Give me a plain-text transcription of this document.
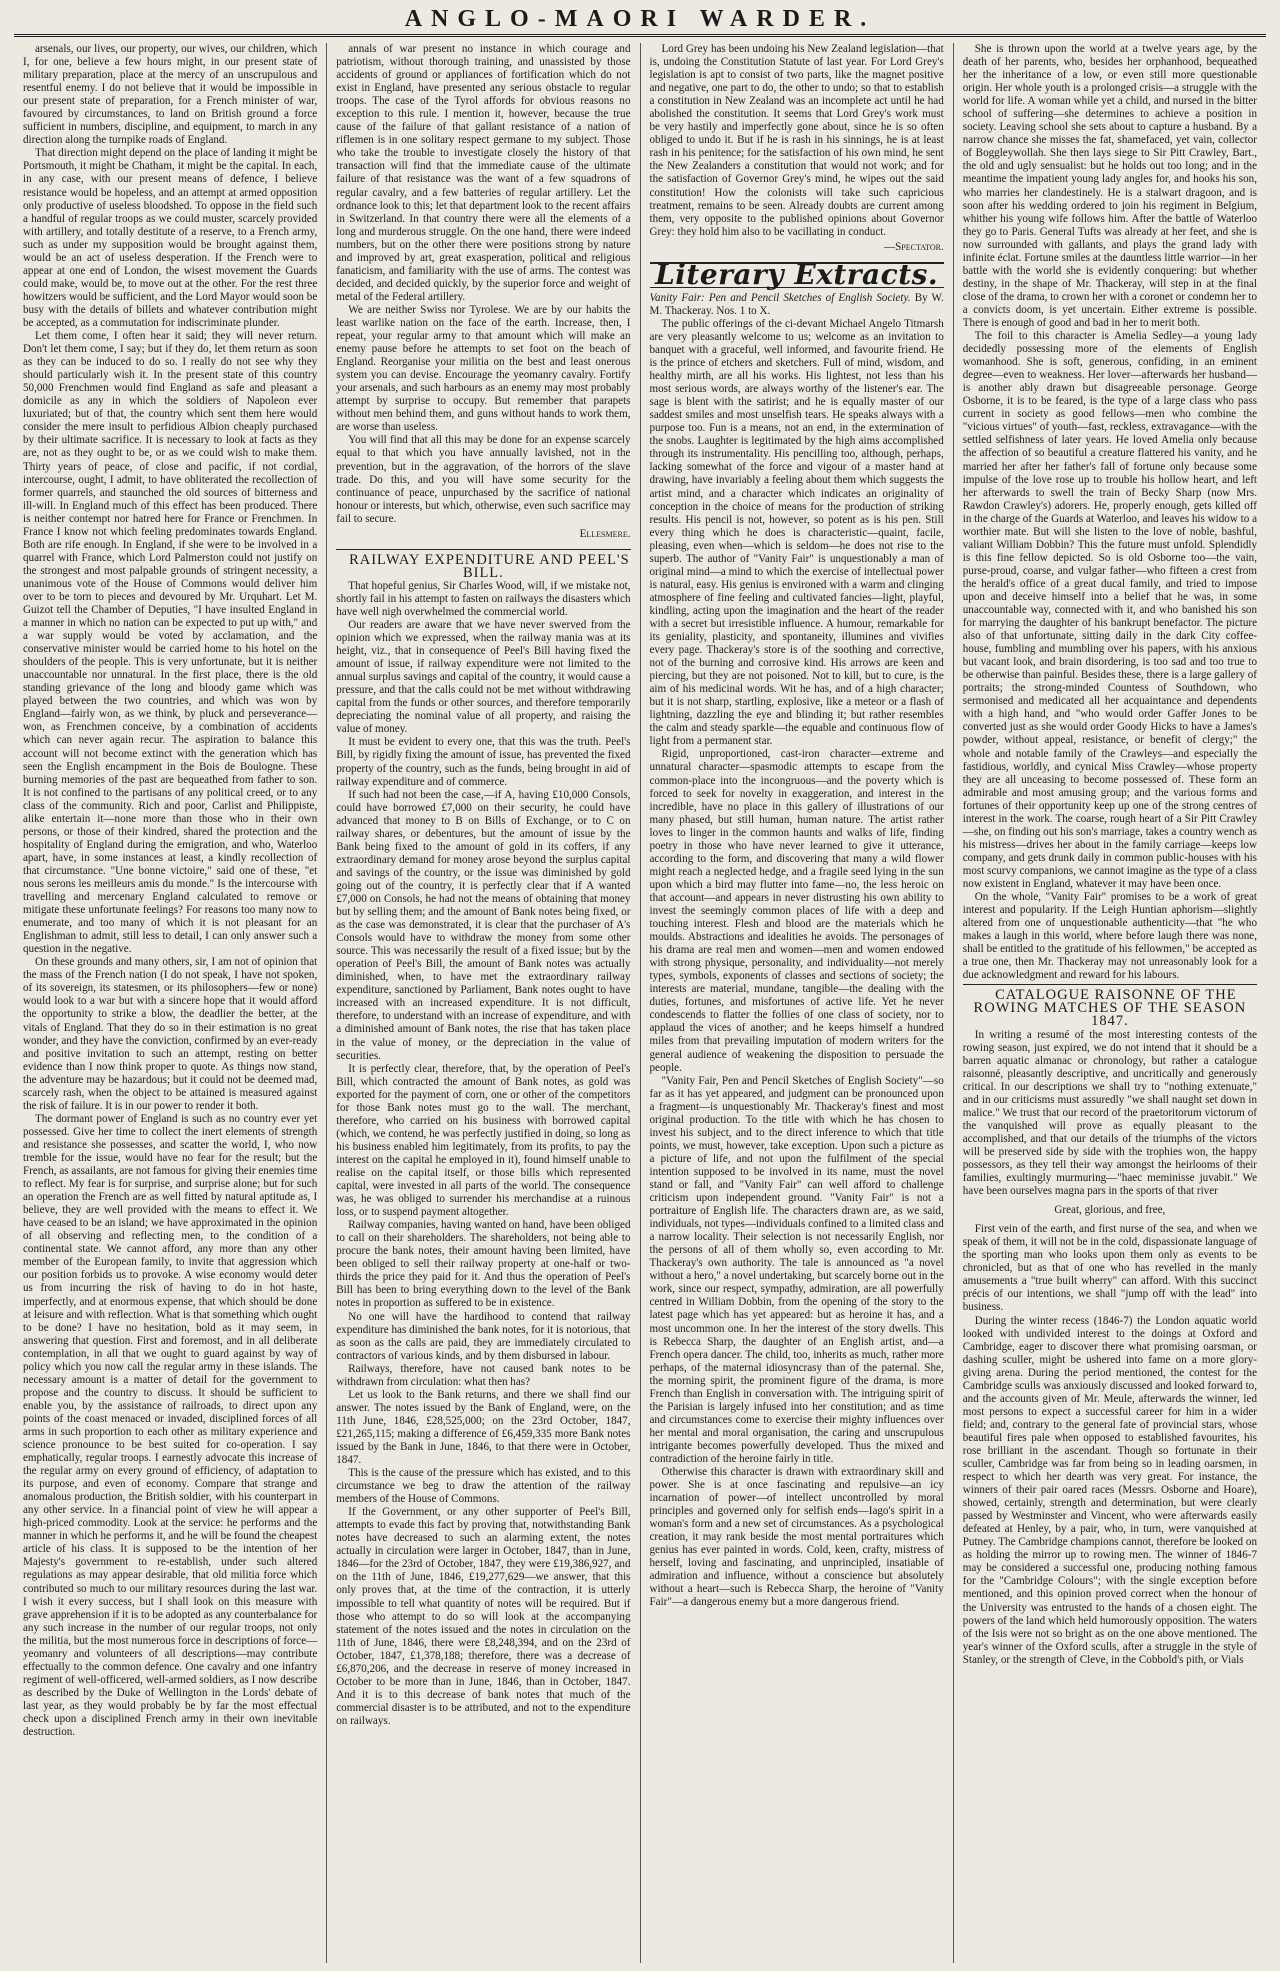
ANGLO-MAORI WARDER.

arsenals, our lives, our property, our wives, our children, which I, for one, believe a few hours might, in our present state of military preparation, place at the mercy of an unscrupulous and resentful enemy. I do not believe that it would be impossible in our present state of preparation, for a French minister of war, favoured by circumstances, to land on British ground a force sufficient in numbers, discipline, and equipment, to march in any direction along the turnpike roads of England.

That direction might depend on the place of landing it might be Portsmouth, it might be Chatham, it might be the capital. In each, in any case, with our present means of defence, I believe resistance would be hopeless, and an attempt at armed opposition only productive of useless bloodshed. To oppose in the field such a handful of regular troops as we could muster, scarcely provided with artillery, and totally destitute of a reserve, to a French army, such as under my supposition would be brought against them, would be an act of useless desperation. If the French were to appear at one end of London, the wisest movement the Guards could make, would be, to move out at the other. For the rest three howitzers would be sufficient, and the Lord Mayor would soon be busy with the details of billets and whatever contribution might be accepted, as a commutation for indiscriminate plunder.

Let them come, I often hear it said; they will never return. Don't let them come, I say; but if they do, let them return as soon as they can be induced to do so. I really do not see why they should particularly wish it. In the present state of this country 50,000 Frenchmen would find England as safe and pleasant a domicile as any in which the soldiers of Napoleon ever luxuriated; but of that, the country which sent them here would consider the mere insult to perfidious Albion cheaply purchased by their ultimate sacrifice. It is necessary to look at facts as they are, not as they ought to be, or as we could wish to make them. Thirty years of peace, of close and pacific, if not cordial, intercourse, ought, I admit, to have obliterated the recollection of former quarrels, and staunched the old sources of bitterness and ill-will. In England much of this effect has been produced. There is neither contempt nor hatred here for France or Frenchmen. In France I know not which feeling predominates towards England. Both are rife enough. In England, if she were to be involved in a quarrel with France, which Lord Palmerston could not justify on the strongest and most palpable grounds of stringent necessity, a unanimous vote of the House of Commons would deliver him over to be torn to pieces and devoured by Mr. Urquhart. Let M. Guizot tell the Chamber of Deputies, "I have insulted England in a manner in which no nation can be expected to put up with," and a war supply would be voted by acclamation, and the conservative minister would be carried home to his hotel on the shoulders of the people. This is very unfortunate, but it is neither unaccountable nor unnatural. In the first place, there is the old standing grievance of the long and bloody game which was played between the two countries, and which was won by England—fairly won, as we think, by pluck and perseverance—won, as Frenchmen conceive, by a combination of accidents which can never again recur. The aspiration to balance this account will not become extinct with the generation which has seen the English encampment in the Bois de Boulogne. These burning memories of the past are bequeathed from father to son. It is not confined to the partisans of any political creed, or to any class of the community. Rich and poor, Carlist and Philippiste, alike entertain it—none more than those who in their own persons, or those of their kindred, shared the protection and the hospitality of England during the emigration, and who, Waterloo apart, have, in some instances at least, a kindly recollection of that circumstance. "Une bonne victoire," said one of these, "et nous serons les meilleurs amis du monde." Is the intercourse with travelling and mercenary England calculated to remove or mitigate these unfortunate feelings? For reasons too many now to enumerate, and too many of which it is not pleasant for an Englishman to admit, still less to detail, I can only answer such a question in the negative.

On these grounds and many others, sir, I am not of opinion that the mass of the French nation (I do not speak, I have not spoken, of its sovereign, its statesmen, or its philosophers—few or none) would look to a war but with a sincere hope that it would afford the opportunity to strike a blow, the deadlier the better, at the vitals of England. That they do so in their estimation is no great wonder, and they have the conviction, confirmed by an ever-ready and positive invitation to such an attempt, resting on better evidence than I now think proper to quote. As things now stand, the adventure may be hazardous; but it could not be deemed mad, scarcely rash, when the object to be attained is measured against the risk of failure. It is in our power to render it both.

The dormant power of England is such as no country ever yet possessed. Give her time to collect the inert elements of strength and resistance she possesses, and scatter the world, I, who now tremble for the issue, would have no fear for the result; but the French, as assailants, are not famous for giving their enemies time to reflect. My fear is for surprise, and surprise alone; but for such an operation the French are as well fitted by natural aptitude as, I believe, they are well provided with the means to effect it. We have ceased to be an island; we have approximated in the opinion of all observing and reflecting men, to the condition of a continental state. We cannot afford, any more than any other member of the European family, to invite that aggression which our position forbids us to provoke. A wise economy would deter us from incurring the risk of having to do in hot haste, imperfectly, and at enormous expense, that which should be done at leisure and with reflection. What is that something which ought to be done? I have no hesitation, bold as it may seem, in answering that question. First and foremost, and in all deliberate contemplation, in all that we ought to guard against by way of policy which you now call the regular army in these islands. The necessary amount is a matter of detail for the government to propose and the country to discuss. It should be sufficient to enable you, by the assistance of railroads, to direct upon any points of the coast menaced or invaded, disciplined forces of all arms in such proportion to each other as military experience and science pronounce to be best suited for co-operation. I say emphatically, regular troops. I earnestly advocate this increase of the regular army on every ground of efficiency, of adaptation to its purpose, and even of economy. Compare that strange and anomalous production, the British soldier, with his counterpart in any other service. In a financial point of view he will appear a high-priced commodity. Look at the service: he performs and the manner in which he performs it, and he will be found the cheapest article of his class. It is supposed to be the intention of her Majesty's government to re-establish, under such altered regulations as may appear desirable, that old militia force which contributed so much to our military resources during the last war. I wish it every success, but I shall look on this measure with grave apprehension if it is to be adopted as any counterbalance for any such increase in the number of our regular troops, not only the militia, but the most numerous force in descriptions of force—yeomanry and volunteers of all descriptions—may contribute effectually to the common defence. One cavalry and one infantry regiment of well-officered, well-armed soldiers, as I now describe as described by the Duke of Wellington in the Lords' debate of last year, as they would probably be by far the most effectual check upon a disciplined French army in their own inevitable destruction.

annals of war present no instance in which courage and patriotism, without thorough training, and unassisted by those accidents of ground or appliances of fortification which do not exist in England, have presented any serious obstacle to regular troops. The case of the Tyrol affords for obvious reasons no exception to this rule. I mention it, however, because the true cause of the failure of that gallant resistance of a nation of riflemen is in one solitary respect germane to my subject. Those who take the trouble to investigate closely the history of that transaction will find that the immediate cause of the ultimate failure of that resistance was the want of a few squadrons of regular cavalry, and a few batteries of regular artillery. Let the ordnance look to this; let that department look to the recent affairs in Switzerland. In that country there were all the elements of a long and murderous struggle. On the one hand, there were indeed numbers, but on the other there were positions strong by nature and improved by art, great exasperation, political and religious fanaticism, and familiarity with the use of arms. The contest was decided, and decided quickly, by the superior force and weight of metal of the Federal artillery.

We are neither Swiss nor Tyrolese. We are by our habits the least warlike nation on the face of the earth. Increase, then, I repeat, your regular army to that amount which will make an enemy pause before he attempts to set foot on the beach of England. Reorganise your militia on the best and least onerous system you can devise. Encourage the yeomanry cavalry. Fortify your arsenals, and such harbours as an enemy may most probably attempt by surprise to occupy. But remember that parapets without men behind them, and guns without hands to work them, are worse than useless.

You will find that all this may be done for an expense scarcely equal to that which you have annually lavished, not in the prevention, but in the aggravation, of the horrors of the slave trade. Do this, and you will have some security for the continuance of peace, unpurchased by the sacrifice of national honour or interests, but which, otherwise, even such sacrifice may fail to secure.

Ellesmere.

RAILWAY EXPENDITURE AND PEEL'S BILL.

That hopeful genius, Sir Charles Wood, will, if we mistake not, shortly fail in his attempt to fasten on railways the disasters which have well nigh overwhelmed the commercial world.

Our readers are aware that we have never swerved from the opinion which we expressed, when the railway mania was at its height, viz., that in consequence of Peel's Bill having fixed the amount of issue, if railway expenditure were not limited to the annual surplus savings and capital of the country, it would cause a pressure, and that the calls could not be met without withdrawing capital from the funds or other sources, and therefore temporarily depreciating the nominal value of all property, and raising the value of money.

It must be evident to every one, that this was the truth. Peel's Bill, by rigidly fixing the amount of issue, has prevented the fixed property of the country, such as the funds, being brought in aid of railway expenditure and of commerce.

If such had not been the case,—if A, having £10,000 Consols, could have borrowed £7,000 on their security, he could have advanced that money to B on Bills of Exchange, or to C on railway shares, or debentures, but the amount of issue by the Bank being fixed to the amount of gold in its coffers, if any extraordinary demand for money arose beyond the surplus capital and savings of the country, or the issue was diminished by gold going out of the country, it is perfectly clear that if A wanted £7,000 on Consols, he had not the means of obtaining that money but by selling them; and the amount of Bank notes being fixed, or as the case was demonstrated, it is clear that the purchaser of A's Consols would have to withdraw the money from some other source. This was necessarily the result of a fixed issue; but by the operation of Peel's Bill, the amount of Bank notes was actually diminished, when, to have met the extraordinary railway expenditure, sanctioned by Parliament, Bank notes ought to have increased with an increased expenditure. It is not difficult, therefore, to understand with an increase of expenditure, and with a diminished amount of Bank notes, the rise that has taken place in the value of money, or the depreciation in the value of securities.

It is perfectly clear, therefore, that, by the operation of Peel's Bill, which contracted the amount of Bank notes, as gold was exported for the payment of corn, one or other of the competitors for those Bank notes must go to the wall. The merchant, therefore, who carried on his business with borrowed capital (which, we contend, he was perfectly justified in doing, so long as his business enabled him legitimately, from its profits, to pay the interest on the capital he employed in it), found himself unable to realise on the capital itself, or those bills which represented capital, were invested in all parts of the world. The consequence was, he was obliged to surrender his merchandise at a ruinous loss, or to suspend payment altogether.

Railway companies, having wanted on hand, have been obliged to call on their shareholders. The shareholders, not being able to procure the bank notes, their amount having been limited, have been obliged to sell their railway property at one-half or two-thirds the price they paid for it. And thus the operation of Peel's Bill has been to bring everything down to the level of the Bank notes in proportion as suffered to be in existence.

No one will have the hardihood to contend that railway expenditure has diminished the bank notes, for it is notorious, that as soon as the calls are paid, they are immediately circulated to contractors of various kinds, and by them disbursed in labour.

Railways, therefore, have not caused bank notes to be withdrawn from circulation: what then has?

Let us look to the Bank returns, and there we shall find our answer. The notes issued by the Bank of England, were, on the 11th June, 1846, £28,525,000; on the 23rd October, 1847, £21,265,115; making a difference of £6,459,335 more Bank notes issued by the Bank in June, 1846, to that there were in October, 1847.

This is the cause of the pressure which has existed, and to this circumstance we beg to draw the attention of the railway members of the House of Commons.

If the Government, or any other supporter of Peel's Bill, attempts to evade this fact by proving that, notwithstanding Bank notes have decreased to such an alarming extent, the notes actually in circulation were larger in October, 1847, than in June, 1846—for the 23rd of October, 1847, they were £19,386,927, and on the 11th of June, 1846, £19,277,629—we answer, that this only proves that, at the time of the contraction, it is utterly impossible to tell what quantity of notes will be required. But if those who attempt to do so will look at the accompanying statement of the notes issued and the notes in circulation on the 11th of June, 1846, there were £8,248,394, and on the 23rd of October, 1847, £1,378,188; therefore, there was a decrease of £6,870,206, and the decrease in reserve of money increased in October to be more than in June, 1846, than in October, 1847. And it is to this decrease of bank notes that much of the commercial disaster is to be attributed, and not to the expenditure on railways.

Lord Grey has been undoing his New Zealand legislation—that is, undoing the Constitution Statute of last year. For Lord Grey's legislation is apt to consist of two parts, like the magnet positive and negative, one part to do, the other to undo; so that to establish a constitution in New Zealand was an incomplete act until he had abolished the constitution. It seems that Lord Grey's work must be very hastily and imperfectly gone about, since he is so often obliged to undo it. But if he is rash in his sinnings, he is at least rash in his penitence; for the satisfaction of his own mind, he sent the New Zealanders a constitution that would not work; and for the satisfaction of Governor Grey's mind, he wipes out the said constitution! How the colonists will take such capricious treatment, remains to be seen. Already doubts are current among them, very opposite to the published opinions about Governor Grey: they hold him also to be vacillating in conduct.

—Spectator.

Literary Extracts.

Vanity Fair: Pen and Pencil Sketches of English Society. By W. M. Thackeray. Nos. 1 to X.

The public offerings of the ci-devant Michael Angelo Titmarsh are very pleasantly welcome to us; welcome as an invitation to banquet with a graceful, well informed, and favourite friend. He is the prince of etchers and sketchers. Full of mind, wisdom, and healthy mirth, are all his works. His lightest, not less than his most serious words, are always worthy of the listener's ear. The sage is blent with the satirist; and he is equally master of our saddest smiles and most unselfish tears. He speaks always with a purpose too. Fun is a means, not an end, in the extermination of the snobs. Laughter is legitimated by the high aims accomplished through its instrumentality. His pencilling too, although, perhaps, lacking somewhat of the force and vigour of a master hand at drawing, have invariably a feeling about them which suggests the artist mind, and a character which indicates an originality of conception in the choice of means for the production of striking results. His pencil is not, however, so potent as is his pen. Still every thing which he does is characteristic—quaint, facile, pleasing, even when—which is seldom—he does not rise to the superb. The author of "Vanity Fair" is unquestionably a man of original mind—a mind to which the exercise of intellectual power is natural, easy. His genius is environed with a warm and clinging atmosphere of fine feeling and cultivated fancies—light, playful, kindling, acting upon the imagination and the heart of the reader with a secret but irresistible influence. A humour, remarkable for its geniality, plasticity, and spontaneity, illumines and vivifies every page. Thackeray's store is of the soothing and corrective, not of the burning and corrosive kind. His arrows are keen and piercing, but they are not poisoned. Not to kill, but to cure, is the aim of his medicinal words. Wit he has, and of a high character; but it is not sharp, startling, explosive, like a meteor or a flash of lightning, dazzling the eye and blinding it; but rather resembles the calm and steady sparkle—the equable and continuous flow of light from a permanent star.

Rigid, unproportioned, cast-iron character—extreme and unnatural character—spasmodic attempts to escape from the common-place into the incongruous—and the poverty which is forced to seek for novelty in exaggeration, and interest in the incredible, have no place in this gallery of illustrations of our many phased, but still human, human nature. The artist rather loves to linger in the common haunts and walks of life, finding poetry in those who have never learned to give it utterance, according to the form, and discovering that many a wild flower might reach a neglected hedge, and a fragile seed lying in the sun upon which a bird may flutter into fame—no, the less heroic on that account—and appears in never distrusting his own ability to invest the seemingly common places of life with a deep and touching interest. Flesh and blood are the materials which he moulds. Abstractions and idealities he avoids. The personages of his drama are real men and women—men and women endowed with strong physique, personality, and individuality—not merely types, symbols, exponents of classes and sections of society; the interests are material, mundane, tangible—the dealing with the duties, fortunes, and misfortunes of active life. Yet he never condescends to flatter the follies of one class of society, nor to applaud the vices of another; and he keeps himself a hundred miles from that prevailing imputation of modern writers for the general audience of weakening the disposition to persuade the people.

"Vanity Fair, Pen and Pencil Sketches of English Society"—so far as it has yet appeared, and judgment can be pronounced upon a fragment—is unquestionably Mr. Thackeray's finest and most original production. To the title with which he has chosen to invest his subject, and to the direct inference to which that title points, we must, however, take exception. Upon such a picture as a picture of life, and not upon the fulfilment of the special intention supposed to be involved in its name, must the novel stand or fall, and "Vanity Fair" can well afford to challenge criticism upon independent ground. "Vanity Fair" is not a portraiture of English life. The characters drawn are, as we said, individuals, not types—individuals confined to a limited class and a narrow locality. Their selection is not necessarily English, nor the persons of all of them wholly so, even according to Mr. Thackeray's own authority. The tale is announced as "a novel without a hero," a novel undertaking, but scarcely borne out in the work, since our respect, sympathy, admiration, are all powerfully centred in William Dobbin, from the opening of the story to the latest page which has yet appeared: but as heroine it has, and a most uncommon one. In her the interest of the story dwells. This is Rebecca Sharp, the daughter of an English artist, and—a French opera dancer. The child, too, inherits as much, rather more perhaps, of the maternal idiosyncrasy than of the paternal. She, the morning spirit, the prominent figure of the drama, is more French than English in conversation with. The intriguing spirit of the Parisian is largely infused into her constitution; and as time and circumstances come to exercise their mighty influences over her mental and moral organisation, the caring and unscrupulous intrigante becomes powerfully developed. Thus the mixed and contradiction of the heroine fairly in title.

Otherwise this character is drawn with extraordinary skill and power. She is at once fascinating and repulsive—an icy incarnation of power—of intellect uncontrolled by moral principles and governed only for selfish ends—Iago's spirit in a woman's form and a new set of circumstances. As a psychological creation, it may rank beside the most mental portraitures which genius has ever painted in words. Cold, keen, crafty, mistress of herself, loving and fascinating, and unprincipled, insatiable of admiration and influence, without a conscience but absolutely without a heart—such is Rebecca Sharp, the heroine of "Vanity Fair"—a dangerous enemy but a more dangerous friend.

She is thrown upon the world at a twelve years age, by the death of her parents, who, besides her orphanhood, bequeathed her the inheritance of a low, or even still more questionable origin. Her whole youth is a prolonged crisis—a struggle with the world for life. A woman while yet a child, and nursed in the bitter school of suffering—she determines to achieve a position in society. Leaving school she sets about to capture a husband. By a narrow chance she misses the fat, shamefaced, yet vain, collector of Boggleywollah. She then lays siege to Sir Pitt Crawley, Bart., the old and ugly sensualist: but he holds out too long; and in the meantime the impatient young lady angles for, and hooks his son, who marries her clandestinely. He is a stalwart dragoon, and is soon after his wedding ordered to join his regiment in Belgium, whither his young wife follows him. After the battle of Waterloo they go to Paris. General Tufts was already at her feet, and she is now surrounded with gallants, and plays the grand lady with infinite éclat. Fortune smiles at the dauntless little warrior—in her battle with the world she is evidently conquering: but whether destiny, in the shape of Mr. Thackeray, will step in at the final close of the drama, to crown her with a coronet or condemn her to a convicts doom, is yet uncertain. Either extreme is possible. There is enough of good and bad in her to merit both.

The foil to this character is Amelia Sedley—a young lady decidedly possessing more of the elements of English womanhood. She is soft, generous, confiding, in an eminent degree—even to weakness. Her lover—afterwards her husband—is another ably drawn but disagreeable personage. George Osborne, it is to be feared, is the type of a large class who pass current in society as good fellows—men who combine the "vicious virtues" of youth—fast, reckless, extravagance—with the settled selfishness of later years. He loved Amelia only because the affection of so beautiful a creature flattered his vanity, and he married her after her father's fall of fortune only because some impulse of the love rose up to trouble his hollow heart, and left her afterwards to swell the train of Becky Sharp (now Mrs. Rawdon Crawley's) adorers. He, properly enough, gets killed off in the charge of the Guards at Waterloo, and leaves his widow to a worthier mate. But will she listen to the love of noble, bashful, valiant William Dobbin? This the future must unfold. Splendidly is this fine fellow depicted. So is old Osborne too—the vain, purse-proud, coarse, and vulgar father—who fifteen a crest from the herald's office of a great ducal family, and tried to impose upon and deceive himself into a belief that he was, in some unaccountable way, connected with it, and who banished his son for marrying the daughter of his bankrupt benefactor. The picture also of that unfortunate, sitting daily in the dark City coffee-house, fumbling and mumbling over his papers, with his anxious but vacant look, and brain disordering, is too sad and too true to be otherwise than painful. Besides these, there is a large gallery of portraits; the strong-minded Countess of Southdown, who sermonised and medicated all her acquaintance and dependents with a high hand, and "who would order Gaffer Jones to be converted just as she would order Goody Hicks to have a James's powder, without appeal, resistance, or benefit of clergy;" the whole and notable family of the Crawleys—and especially the fastidious, worldly, and cynical Miss Crawley—whose property they are all unceasing to become possessed of. These form an admirable and most amusing group; and the various forms and fortunes of their opportunity keep up one of the strong centres of interest in the work. The coarse, rough heart of a Sir Pitt Crawley—she, on finding out his son's marriage, takes a country wench as his mistress—drives her about in the family carriage—keeps low company, and gets drunk daily in common public-houses with his most scurvy companions, we cannot imagine as the type of a class now existent in England, whatever it may have been once.

On the whole, "Vanity Fair" promises to be a work of great interest and popularity. If the Leigh Huntian aphorism—slightly altered from one of unquestionable authenticity—that "he who makes a laugh in this world, where before laugh there was none, shall be entitled to the gratitude of his fellowmen," be accepted as a true one, then Mr. Thackeray may not unreasonably look for a due acknowledgment and reward for his labours.

CATALOGUE RAISONNE OF THE ROWING MATCHES OF THE SEASON 1847.

In writing a resumé of the most interesting contests of the rowing season, just expired, we do not intend that it should be a barren aquatic almanac or chronology, but rather a catalogue raisonné, pleasantly descriptive, and uncritically and generously critical. In our descriptions we shall try to "nothing extenuate," and in our criticisms must assuredly "we shall naught set down in malice." We trust that our record of the praetoritorum victorum of the vanquished will prove as equally pleasant to the accomplished, and that our details of the triumphs of the victors will be preserved side by side with the trophies won, the happy possessors, as they tell their way amongst the heirlooms of their families, exultingly murmuring—"haec meminisse juvabit." We have been ourselves magna pars in the sports of that river

Great, glorious, and free,

First vein of the earth, and first nurse of the sea, and when we speak of them, it will not be in the cold, dispassionate language of the sporting man who looks upon them only as events to be chronicled, but as that of one who has revelled in the manly amusements a "true built wherry" can afford. With this succinct précis of our intentions, we shall "jump off with the lead" into business.

During the winter recess (1846-7) the London aquatic world looked with undivided interest to the doings at Oxford and Cambridge, eager to discover there what promising oarsman, or dashing sculler, might be ushered into fame on a more glory-giving arena. During the period mentioned, the contest for the Cambridge sculls was anxiously discussed and looked forward to, and the accounts given of Mr. Meule, afterwards the winner, led most persons to expect a successful career for him in a wider field; and, contrary to the general fate of provincial stars, whose beautiful fires pale when opposed to established favourites, his rose brilliant in the ascendant. Though so fortunate in their sculler, Cambridge was far from being so in leading oarsmen, in respect to which her dearth was very great. For instance, the winners of their pair oared races (Messrs. Osborne and Hoare), showed, certainly, strength and determination, but were clearly passed by Westminster and Vincent, who were afterwards easily defeated at Henley, by a pair, who, in turn, were vanquished at Putney. The Cambridge champions cannot, therefore be looked on as holding the mirror up to rowing men. The winner of 1846-7 may be considered a successful one, producing nothing famous for the "Cambridge Colours"; with the single exception before mentioned, and this opinion proved correct when the honour of the University was entrusted to the hands of a chosen eight. The powers of the land which held humorously opposition. The waters of the Isis were not so bright as on the one above mentioned. The year's winner of the Oxford sculls, after a struggle in the style of Stanley, or the strength of Cleve, in the Cobbold's pith, or Vials
